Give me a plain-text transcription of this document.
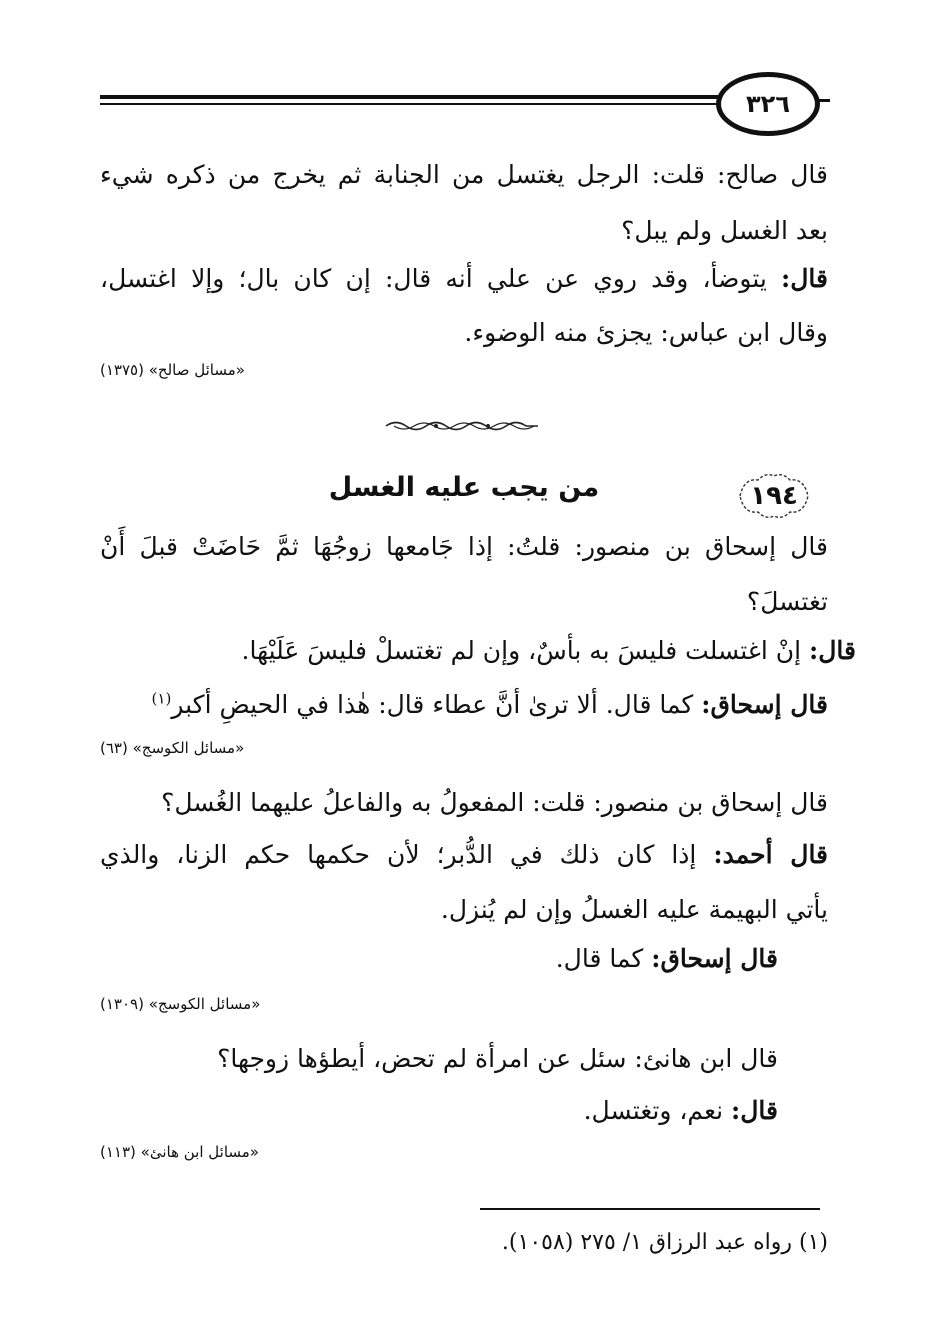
٣٢٦
قال صالح: قلت: الرجل يغتسل من الجنابة ثم يخرج من ذكره شيء
بعد الغسل ولم يبل؟
قال: يتوضأ، وقد روي عن علي أنه قال: إن كان بال؛ وإلا اغتسل،
وقال ابن عباس: يجزئ منه الوضوء.
«مسائل صالح» (١٣٧٥)
١٩٤
من يجب عليه الغسل
قال إسحاق بن منصور: قلتُ: إذا جَامعها زوجُهَا ثمَّ حَاضَتْ قبلَ أَنْ
تغتسلَ؟
قال: إنْ اغتسلت فليسَ به بأسٌ، وإن لم تغتسلْ فليسَ عَلَيْهَا.
قال إسحاق: كما قال. ألا ترىٰ أنَّ عطاء قال: هٰذا في الحيضِ أكبر$^{(١)}$
«مسائل الكوسج» (٦٣)
قال إسحاق بن منصور: قلت: المفعولُ به والفاعلُ عليهما الغُسل؟
قال أحمد: إذا كان ذلك في الدُّبر؛ لأن حكمها حكم الزنا، والذي
يأتي البهيمة عليه الغسلُ وإن لم يُنزل.
قال إسحاق: كما قال.
«مسائل الكوسج» (١٣٠٩)
قال ابن هانئ: سئل عن امرأة لم تحض، أيطؤها زوجها؟
قال: نعم، وتغتسل.
«مسائل ابن هانئ» (١١٣)
(١) رواه عبد الرزاق ١/ ٢٧٥ (١٠٥٨).
